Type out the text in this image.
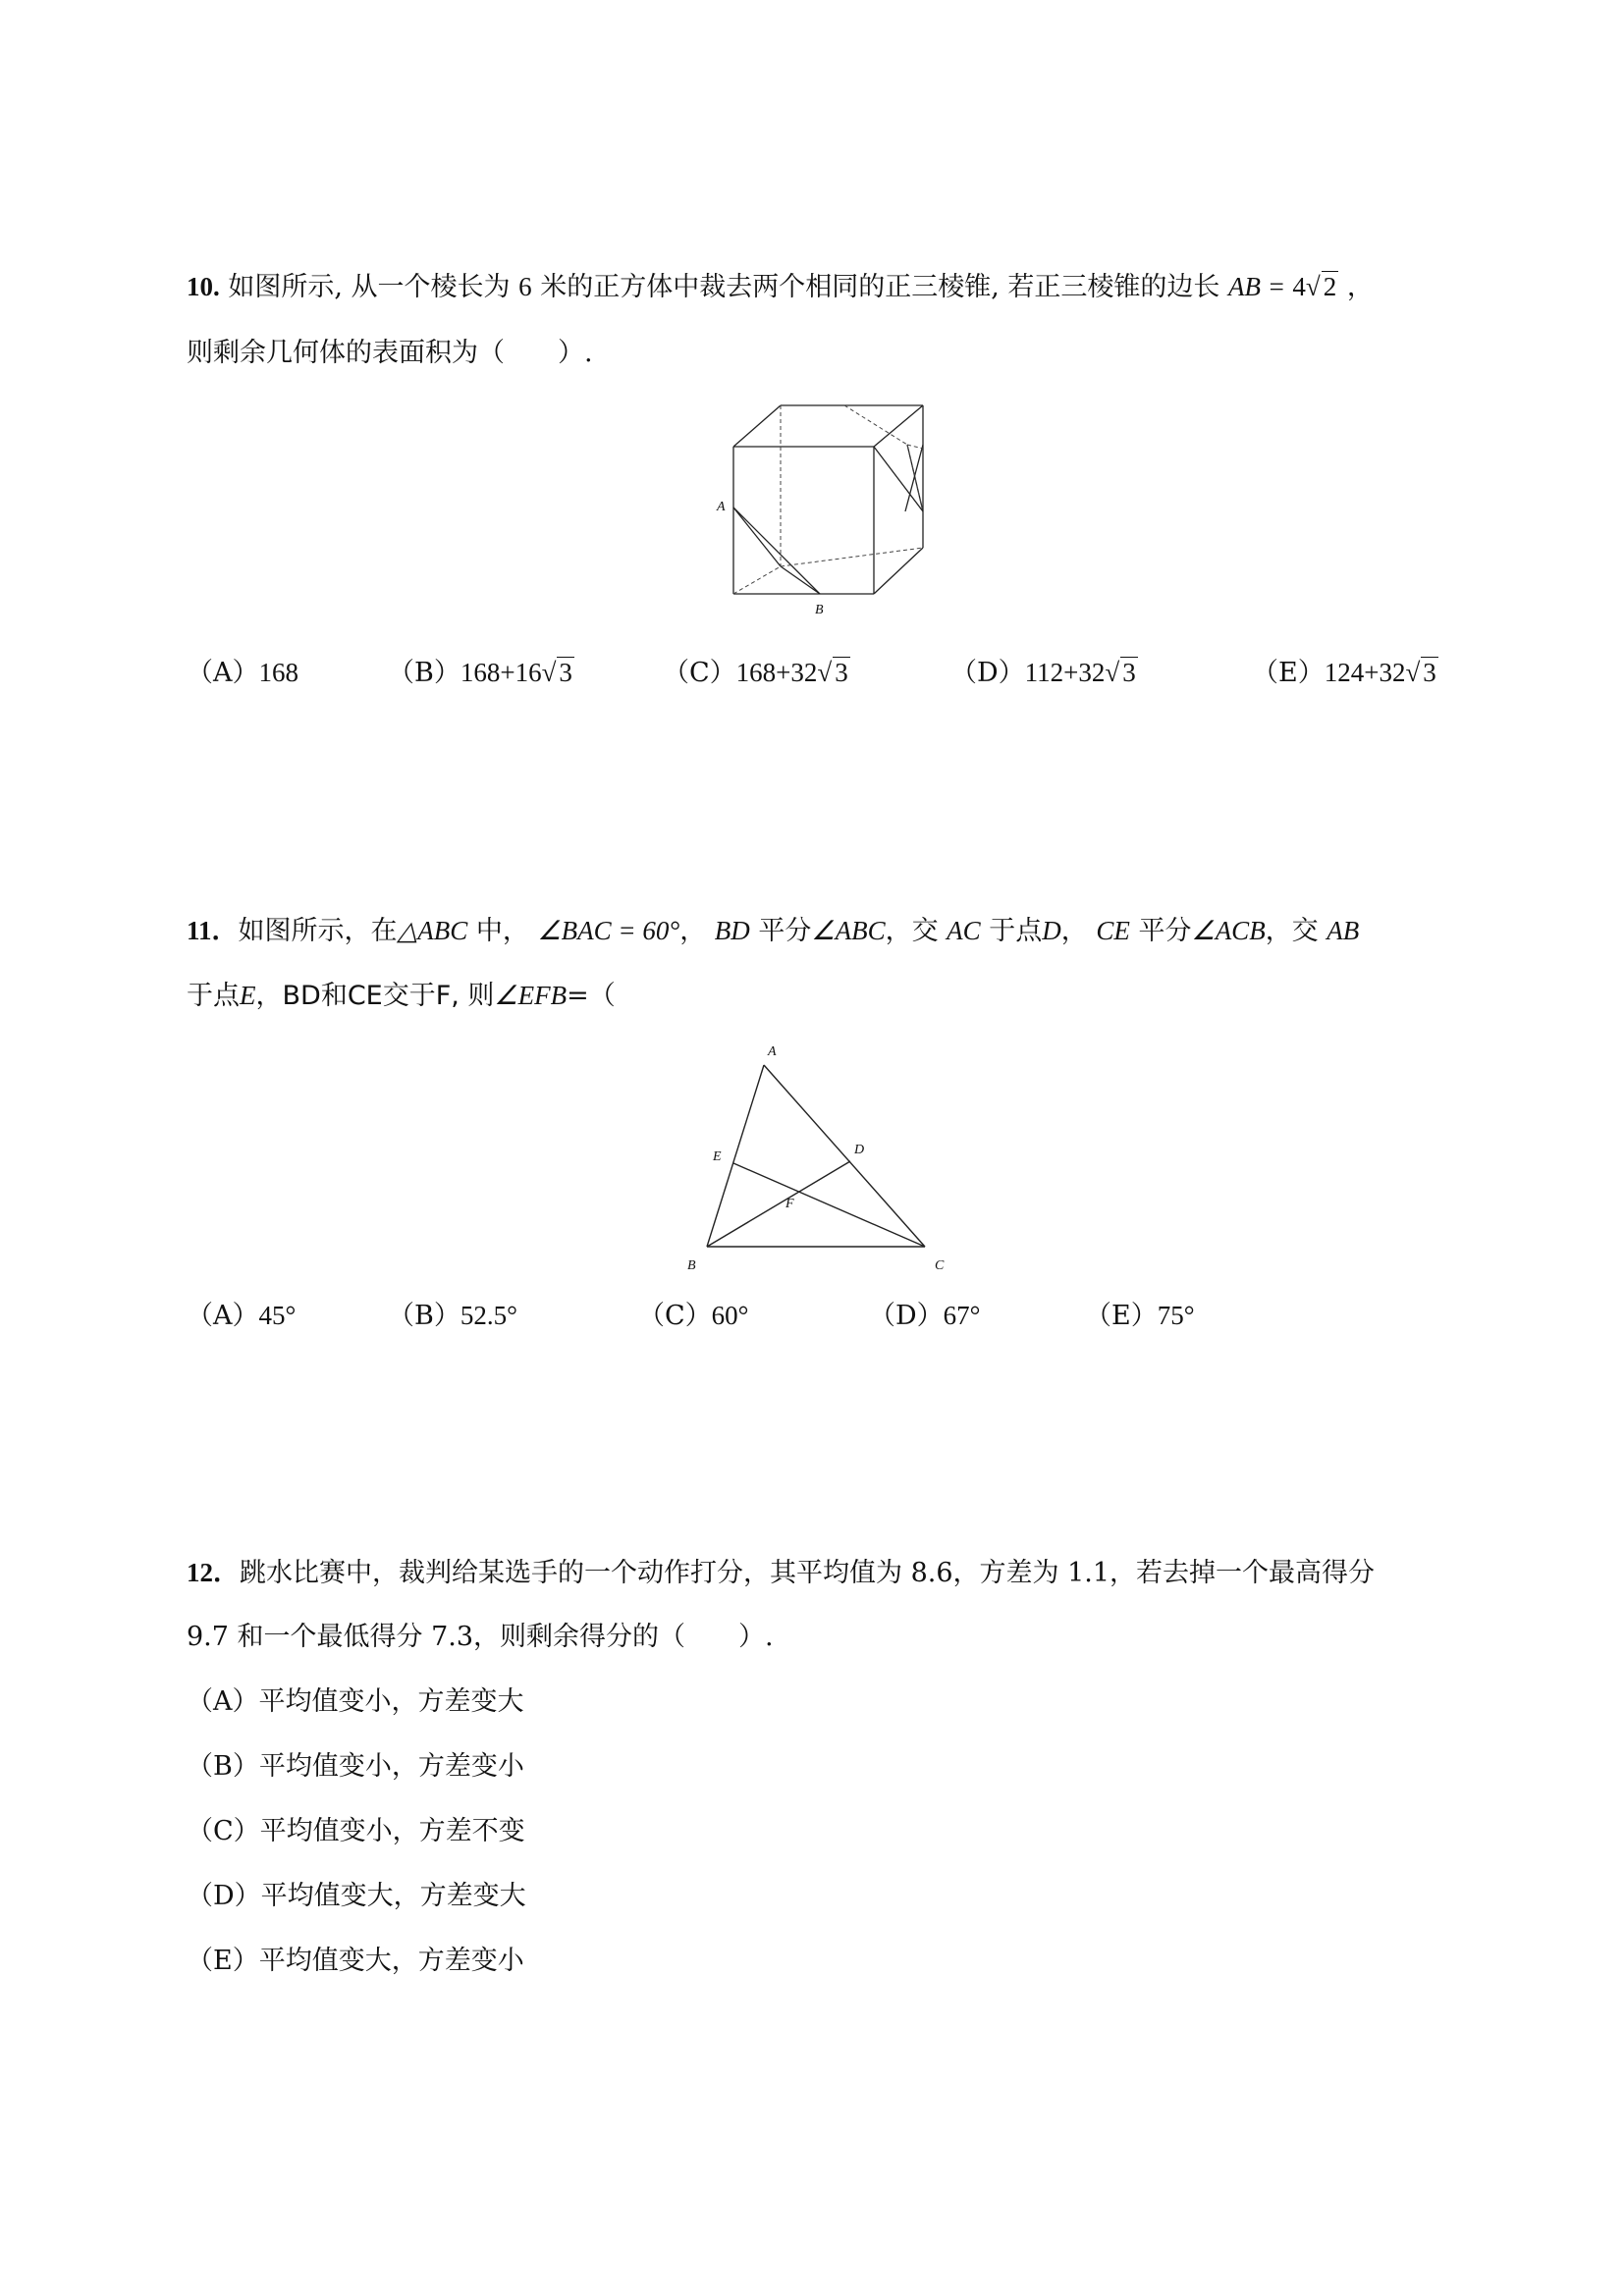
10. 如图所示, 从一个棱长为 6 米的正方体中裁去两个相同的正三棱锥, 若正三棱锥的边长 AB = 4√ 2 ，
则剩余几何体的表面积为（　　）.
A
B
（A）168	（B）168+16√ 3	（C）168+32√ 3	（D）112+32√ 3	（E）124+32√ 3
11．如图所示，在△ABC 中， ∠BAC = 60°， BD 平分∠ABC，交 AC 于点D， CE 平分∠ACB，交 AB
于点E，BD和CE交于F, 则∠EFB=（
A
B	C
D
E
F
（A）45°	（B）52.5°	（C）60°	（D）67°	（E）75°
12．跳水比赛中，裁判给某选手的一个动作打分，其平均值为 8.6，方差为 1.1，若去掉一个最高得分
9.7 和一个最低得分 7.3，则剩余得分的（　　）.
（A）平均值变小，方差变大
（B）平均值变小，方差变小
（C）平均值变小，方差不变
（D）平均值变大，方差变大
（E）平均值变大，方差变小
